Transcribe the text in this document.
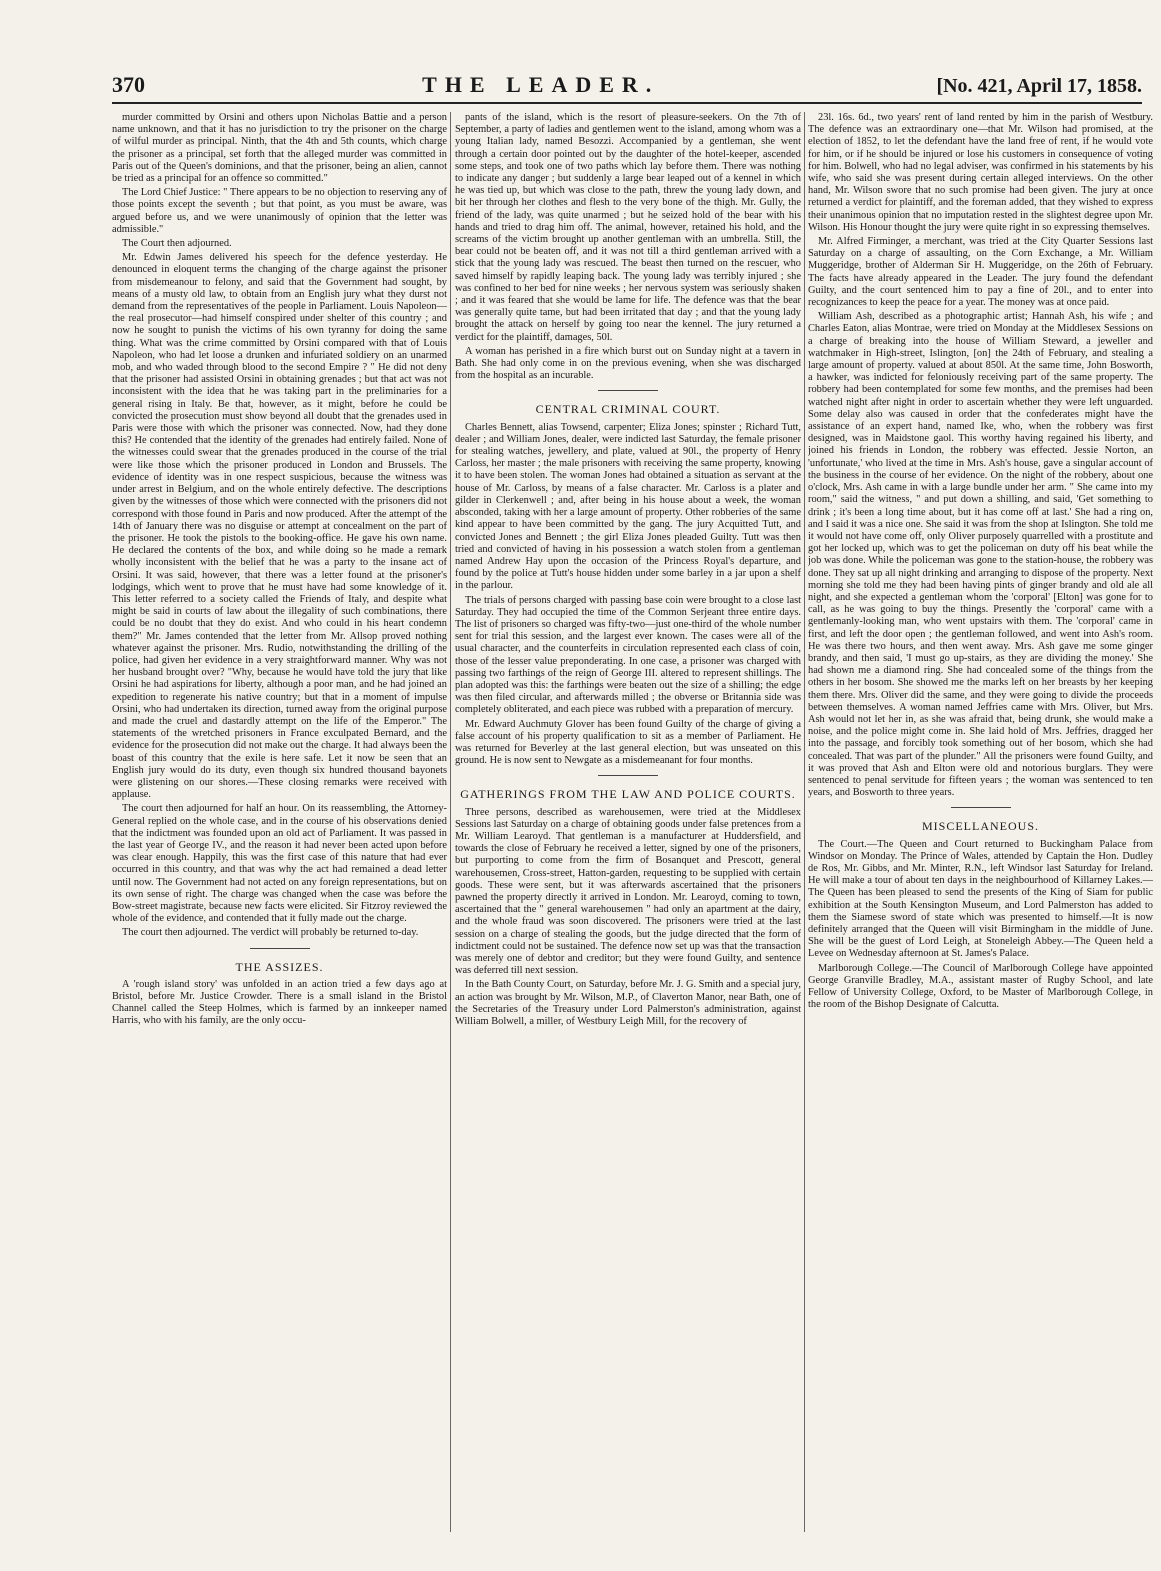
370	THE LEADER.	[No. 421, April 17, 1858.

murder committed by Orsini and others upon Nicholas Battie and a person name unknown, and that it has no jurisdiction to try the prisoner on the charge of wilful murder as principal. Ninth, that the 4th and 5th counts, which charge the prisoner as a principal, set forth that the alleged murder was committed in Paris out of the Queen's dominions, and that the prisoner, being an alien, cannot be tried as a principal for an offence so committed."

The Lord Chief Justice: " There appears to be no objection to reserving any of those points except the seventh ; but that point, as you must be aware, was argued before us, and we were unanimously of opinion that the letter was admissible."

The Court then adjourned.

Mr. Edwin James delivered his speech for the defence yesterday. He denounced in eloquent terms the changing of the charge against the prisoner from misdemeanour to felony, and said that the Government had sought, by means of a musty old law, to obtain from an English jury what they durst not demand from the representatives of the people in Parliament. Louis Napoleon—the real prosecutor—had himself conspired under shelter of this country ; and now he sought to punish the victims of his own tyranny for doing the same thing. What was the crime committed by Orsini compared with that of Louis Napoleon, who had let loose a drunken and infuriated soldiery on an unarmed mob, and who waded through blood to the second Empire ? " He did not deny that the prisoner had assisted Orsini in obtaining grenades ; but that act was not inconsistent with the idea that he was taking part in the preliminaries for a general rising in Italy. Be that, however, as it might, before he could be convicted the prosecution must show beyond all doubt that the grenades used in Paris were those with which the prisoner was connected. Now, had they done this? He contended that the identity of the grenades had entirely failed. None of the witnesses could swear that the grenades produced in the course of the trial were like those which the prisoner produced in London and Brussels. The evidence of identity was in one respect suspicious, because the witness was under arrest in Belgium, and on the whole entirely defective. The descriptions given by the witnesses of those which were connected with the prisoners did not correspond with those found in Paris and now produced. After the attempt of the 14th of January there was no disguise or attempt at concealment on the part of the prisoner. He took the pistols to the booking-office. He gave his own name. He declared the contents of the box, and while doing so he made a remark wholly inconsistent with the belief that he was a party to the insane act of Orsini. It was said, however, that there was a letter found at the prisoner's lodgings, which went to prove that he must have had some knowledge of it. This letter referred to a society called the Friends of Italy, and despite what might be said in courts of law about the illegality of such combinations, there could be no doubt that they do exist. And who could in his heart condemn them?" Mr. James contended that the letter from Mr. Allsop proved nothing whatever against the prisoner. Mrs. Rudio, notwithstanding the drilling of the police, had given her evidence in a very straightforward manner. Why was not her husband brought over? "Why, because he would have told the jury that like Orsini he had aspirations for liberty, although a poor man, and he had joined an expedition to regenerate his native country; but that in a moment of impulse Orsini, who had undertaken its direction, turned away from the original purpose and made the cruel and dastardly attempt on the life of the Emperor." The statements of the wretched prisoners in France exculpated Bernard, and the evidence for the prosecution did not make out the charge. It had always been the boast of this country that the exile is here safe. Let it now be seen that an English jury would do its duty, even though six hundred thousand bayonets were glistening on our shores.—These closing remarks were received with applause.

The court then adjourned for half an hour. On its reassembling, the Attorney-General replied on the whole case, and in the course of his observations denied that the indictment was founded upon an old act of Parliament. It was passed in the last year of George IV., and the reason it had never been acted upon before was clear enough. Happily, this was the first case of this nature that had ever occurred in this country, and that was why the act had remained a dead letter until now. The Government had not acted on any foreign representations, but on its own sense of right. The charge was changed when the case was before the Bow-street magistrate, because new facts were elicited. Sir Fitzroy reviewed the whole of the evidence, and contended that it fully made out the charge.

The court then adjourned. The verdict will probably be returned to-day.

THE ASSIZES.

A 'rough island story' was unfolded in an action tried a few days ago at Bristol, before Mr. Justice Crowder. There is a small island in the Bristol Channel called the Steep Holmes, which is farmed by an innkeeper named Harris, who with his family, are the only occu-

pants of the island, which is the resort of pleasure-seekers. On the 7th of September, a party of ladies and gentlemen went to the island, among whom was a young Italian lady, named Besozzi. Accompanied by a gentleman, she went through a certain door pointed out by the daughter of the hotel-keeper, ascended some steps, and took one of two paths which lay before them. There was nothing to indicate any danger ; but suddenly a large bear leaped out of a kennel in which he was tied up, but which was close to the path, threw the young lady down, and bit her through her clothes and flesh to the very bone of the thigh. Mr. Gully, the friend of the lady, was quite unarmed ; but he seized hold of the bear with his hands and tried to drag him off. The animal, however, retained his hold, and the screams of the victim brought up another gentleman with an umbrella. Still, the bear could not be beaten off, and it was not till a third gentleman arrived with a stick that the young lady was rescued. The beast then turned on the rescuer, who saved himself by rapidly leaping back. The young lady was terribly injured ; she was confined to her bed for nine weeks ; her nervous system was seriously shaken ; and it was feared that she would be lame for life. The defence was that the bear was generally quite tame, but had been irritated that day ; and that the young lady brought the attack on herself by going too near the kennel. The jury returned a verdict for the plaintiff, damages, 50l.

A woman has perished in a fire which burst out on Sunday night at a tavern in Bath. She had only come in on the previous evening, when she was discharged from the hospital as an incurable.

CENTRAL CRIMINAL COURT.

Charles Bennett, alias Towsend, carpenter; Eliza Jones; spinster ; Richard Tutt, dealer ; and William Jones, dealer, were indicted last Saturday, the female prisoner for stealing watches, jewellery, and plate, valued at 90l., the property of Henry Carloss, her master ; the male prisoners with receiving the same property, knowing it to have been stolen. The woman Jones had obtained a situation as servant at the house of Mr. Carloss, by means of a false character. Mr. Carloss is a plater and gilder in Clerkenwell ; and, after being in his house about a week, the woman absconded, taking with her a large amount of property. Other robberies of the same kind appear to have been committed by the gang. The jury Acquitted Tutt, and convicted Jones and Bennett ; the girl Eliza Jones pleaded Guilty. Tutt was then tried and convicted of having in his possession a watch stolen from a gentleman named Andrew Hay upon the occasion of the Princess Royal's departure, and found by the police at Tutt's house hidden under some barley in a jar upon a shelf in the parlour.

The trials of persons charged with passing base coin were brought to a close last Saturday. They had occupied the time of the Common Serjeant three entire days. The list of prisoners so charged was fifty-two—just one-third of the whole number sent for trial this session, and the largest ever known. The cases were all of the usual character, and the counterfeits in circulation represented each class of coin, those of the lesser value preponderating. In one case, a prisoner was charged with passing two farthings of the reign of George III. altered to represent shillings. The plan adopted was this: the farthings were beaten out the size of a shilling; the edge was then filed circular, and afterwards milled ; the obverse or Britannia side was completely obliterated, and each piece was rubbed with a preparation of mercury.

Mr. Edward Auchmuty Glover has been found Guilty of the charge of giving a false account of his property qualification to sit as a member of Parliament. He was returned for Beverley at the last general election, but was unseated on this ground. He is now sent to Newgate as a misdemeanant for four months.

GATHERINGS FROM THE LAW AND POLICE COURTS.

Three persons, described as warehousemen, were tried at the Middlesex Sessions last Saturday on a charge of obtaining goods under false pretences from a Mr. William Learoyd. That gentleman is a manufacturer at Huddersfield, and towards the close of February he received a letter, signed by one of the prisoners, but purporting to come from the firm of Bosanquet and Prescott, general warehousemen, Cross-street, Hatton-garden, requesting to be supplied with certain goods. These were sent, but it was afterwards ascertained that the prisoners pawned the property directly it arrived in London. Mr. Learoyd, coming to town, ascertained that the " general warehousemen " had only an apartment at the dairy, and the whole fraud was soon discovered. The prisoners were tried at the last session on a charge of stealing the goods, but the judge directed that the form of indictment could not be sustained. The defence now set up was that the transaction was merely one of debtor and creditor; but they were found Guilty, and sentence was deferred till next session.

In the Bath County Court, on Saturday, before Mr. J. G. Smith and a special jury, an action was brought by Mr. Wilson, M.P., of Claverton Manor, near Bath, one of the Secretaries of the Treasury under Lord Palmerston's administration, against William Bolwell, a miller, of Westbury Leigh Mill, for the recovery of

23l. 16s. 6d., two years' rent of land rented by him in the parish of Westbury. The defence was an extraordinary one—that Mr. Wilson had promised, at the election of 1852, to let the defendant have the land free of rent, if he would vote for him, or if he should be injured or lose his customers in consequence of voting for him. Bolwell, who had no legal adviser, was confirmed in his statements by his wife, who said she was present during certain alleged interviews. On the other hand, Mr. Wilson swore that no such promise had been given. The jury at once returned a verdict for plaintiff, and the foreman added, that they wished to express their unanimous opinion that no imputation rested in the slightest degree upon Mr. Wilson. His Honour thought the jury were quite right in so expressing themselves.

Mr. Alfred Firminger, a merchant, was tried at the City Quarter Sessions last Saturday on a charge of assaulting, on the Corn Exchange, a Mr. William Muggeridge, brother of Alderman Sir H. Muggeridge, on the 26th of February. The facts have already appeared in the Leader. The jury found the defendant Guilty, and the court sentenced him to pay a fine of 20l., and to enter into recognizances to keep the peace for a year. The money was at once paid.

William Ash, described as a photographic artist; Hannah Ash, his wife ; and Charles Eaton, alias Montrae, were tried on Monday at the Middlesex Sessions on a charge of breaking into the house of William Steward, a jeweller and watchmaker in High-street, Islington, [on] the 24th of February, and stealing a large amount of property. valued at about 850l. At the same time, John Bosworth, a hawker, was indicted for feloniously receiving part of the same property. The robbery had been contemplated for some few months, and the premises had been watched night after night in order to ascertain whether they were left unguarded. Some delay also was caused in order that the confederates might have the assistance of an expert hand, named Ike, who, when the robbery was first designed, was in Maidstone gaol. This worthy having regained his liberty, and joined his friends in London, the robbery was effected. Jessie Norton, an 'unfortunate,' who lived at the time in Mrs. Ash's house, gave a singular account of the business in the course of her evidence. On the night of the robbery, about one o'clock, Mrs. Ash came in with a large bundle under her arm. " She came into my room," said the witness, " and put down a shilling, and said, 'Get something to drink ; it's been a long time about, but it has come off at last.' She had a ring on, and I said it was a nice one. She said it was from the shop at Islington. She told me it would not have come off, only Oliver purposely quarrelled with a prostitute and got her locked up, which was to get the policeman on duty off his beat while the job was done. While the policeman was gone to the station-house, the robbery was done. They sat up all night drinking and arranging to dispose of the property. Next morning she told me they had been having pints of ginger brandy and old ale all night, and she expected a gentleman whom the 'corporal' [Elton] was gone for to call, as he was going to buy the things. Presently the 'corporal' came with a gentlemanly-looking man, who went upstairs with them. The 'corporal' came in first, and left the door open ; the gentleman followed, and went into Ash's room. He was there two hours, and then went away. Mrs. Ash gave me some ginger brandy, and then said, 'I must go up-stairs, as they are dividing the money.' She had shown me a diamond ring. She had concealed some of the things from the others in her bosom. She showed me the marks left on her breasts by her keeping them there. Mrs. Oliver did the same, and they were going to divide the proceeds between themselves. A woman named Jeffries came with Mrs. Oliver, but Mrs. Ash would not let her in, as she was afraid that, being drunk, she would make a noise, and the police might come in. She laid hold of Mrs. Jeffries, dragged her into the passage, and forcibly took something out of her bosom, which she had concealed. That was part of the plunder." All the prisoners were found Guilty, and it was proved that Ash and Elton were old and notorious burglars. They were sentenced to penal servitude for fifteen years ; the woman was sentenced to ten years, and Bosworth to three years.

MISCELLANEOUS.

The Court.—The Queen and Court returned to Buckingham Palace from Windsor on Monday. The Prince of Wales, attended by Captain the Hon. Dudley de Ros, Mr. Gibbs, and Mr. Minter, R.N., left Windsor last Saturday for Ireland. He will make a tour of about ten days in the neighbourhood of Killarney Lakes.—The Queen has been pleased to send the presents of the King of Siam for public exhibition at the South Kensington Museum, and Lord Palmerston has added to them the Siamese sword of state which was presented to himself.—It is now definitely arranged that the Queen will visit Birmingham in the middle of June. She will be the guest of Lord Leigh, at Stoneleigh Abbey.—The Queen held a Levee on Wednesday afternoon at St. James's Palace.

Marlborough College.—The Council of Marlborough College have appointed George Granville Bradley, M.A., assistant master of Rugby School, and late Fellow of University College, Oxford, to be Master of Marlborough College, in the room of the Bishop Designate of Calcutta.
